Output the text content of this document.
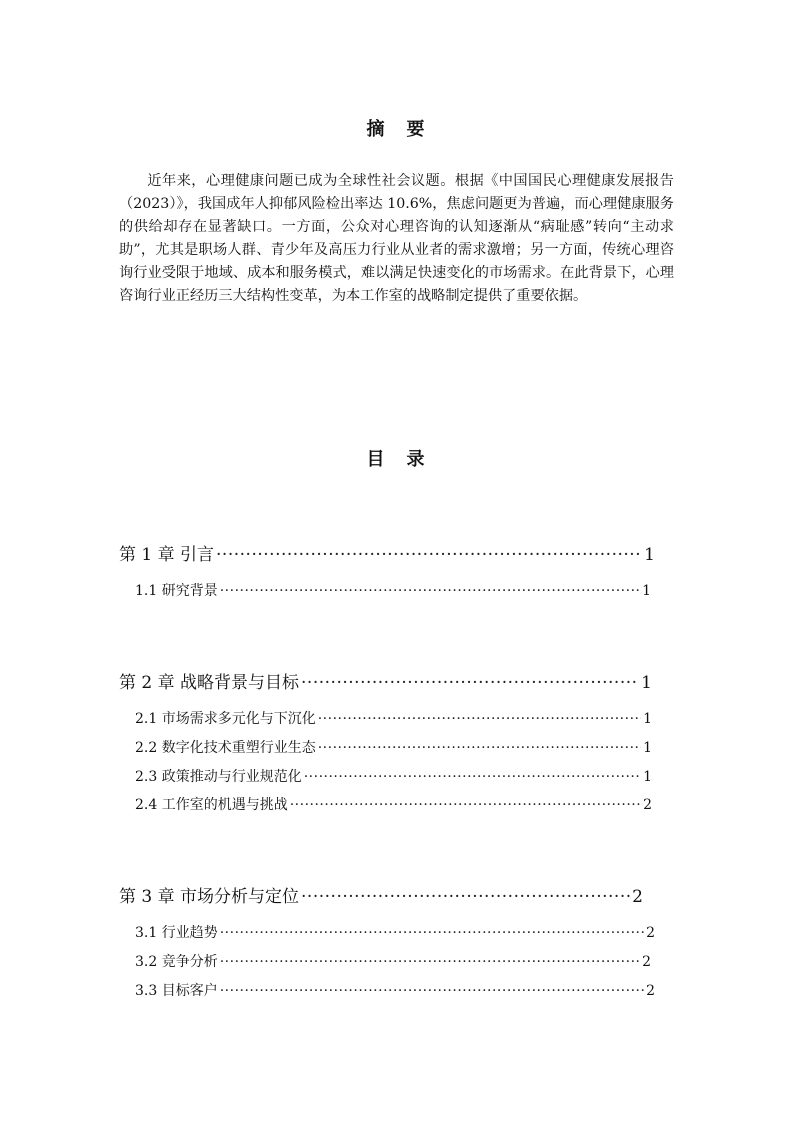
摘　要

近年来，心理健康问题已成为全球性社会议题。根据《中国国民心理健康发展报告（2023）》，我国成年人抑郁风险检出率达 10.6%，焦虑问题更为普遍，而心理健康服务的供给却存在显著缺口。一方面，公众对心理咨询的认知逐渐从“病耻感”转向“主动求助”，尤其是职场人群、青少年及高压力行业从业者的需求激增；另一方面，传统心理咨询行业受限于地域、成本和服务模式，难以满足快速变化的市场需求。在此背景下，心理咨询行业正经历三大结构性变革，为本工作室的战略制定提供了重要依据。

目　录
第 1 章 引言 ·····	1
1.1 研究背景 ·····	1
第 2 章 战略背景与目标 ·····	1
2.1 市场需求多元化与下沉化 ·····	1
2.2 数字化技术重塑行业生态 ·····	1
2.3 政策推动与行业规范化 ·····	1
2.4 工作室的机遇与挑战 ·····	2
第 3 章 市场分析与定位 ·····	2
3.1 行业趋势 ·····	2
3.2 竞争分析 ·····	2
3.3 目标客户 ·····	2
